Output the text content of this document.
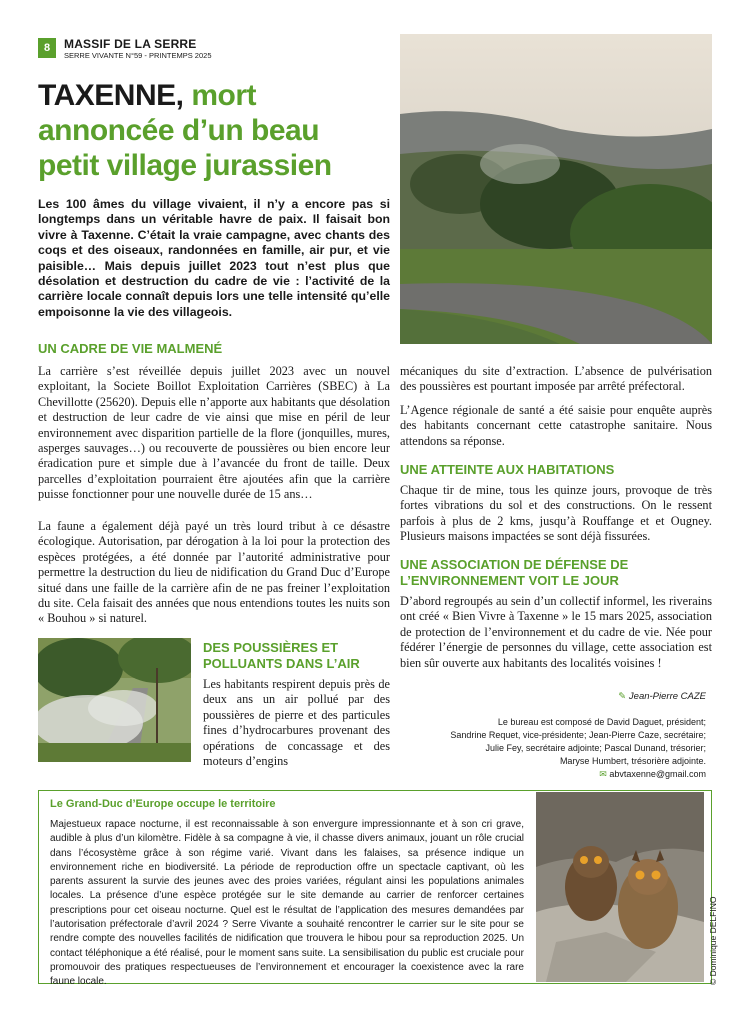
8	MASSIF DE LA SERRE
SERRE VIVANTE N°59 - PRINTEMPS 2025
TAXENNE, mort annoncée d’un beau petit village jurassien

Les 100 âmes du village vivaient, il n’y a encore pas si longtemps dans un véritable havre de paix. Il faisait bon vivre à Taxenne. C’était la vraie campagne, avec chants des coqs et des oiseaux, randonnées en famille, air pur, et vie paisible… Mais depuis juillet 2023 tout n’est plus que désolation et destruction du cadre de vie : l’activité de la carrière locale connaît depuis lors une telle intensité qu’elle empoisonne la vie des villageois.

UN CADRE DE VIE MALMENÉ

La carrière s’est réveillée depuis juillet 2023 avec un nouvel exploitant, la Societe Boillot Exploitation Carrières (SBEC) à La Chevillotte (25620). Depuis elle n’apporte aux habitants que désolation et destruction de leur cadre de vie ainsi que mise en péril de leur environnement avec disparition partielle de la flore (jonquilles, mures, asperges sauvages…) ou recouverte de poussières ou bien encore leur éradication pure et simple due à l’avancée du front de taille. Deux parcelles d’exploitation pourraient être ajoutées afin que la carrière puisse fonctionner pour une nouvelle durée de 15 ans…

La faune a également déjà payé un très lourd tribut à ce désastre écologique. Autorisation, par dérogation à la loi pour la protection des espèces protégées, a été donnée par l’autorité administrative pour permettre la destruction du lieu de nidification du Grand Duc d’Europe situé dans une faille de la carrière afin de ne pas freiner l’exploitation du site. Cela faisait des années que nous entendions toutes les nuits son « Bouhou » si naturel.

DES POUSSIÈRES ET POLLUANTS DANS L’AIR

Les habitants respirent depuis près de deux ans un air pollué par des poussières de pierre et des particules fines d’hydrocarbures provenant des opérations de concassage et des moteurs d’engins

mécaniques du site d’extraction. L’absence de pulvérisation des poussières est pourtant imposée par arrêté préfectoral.

L’Agence régionale de santé a été saisie pour enquête auprès des habitants concernant cette catastrophe sanitaire. Nous attendons sa réponse.

UNE ATTEINTE AUX HABITATIONS

Chaque tir de mine, tous les quinze jours, provoque de très fortes vibrations du sol et des constructions. On le ressent parfois à plus de 2 kms, jusqu’à Rouffange et et Ougney. Plusieurs maisons impactées se sont déjà fissurées.

UNE ASSOCIATION DE DÉFENSE DE L’ENVIRONNEMENT VOIT LE JOUR

D’abord regroupés au sein d’un collectif informel, les riverains ont créé « Bien Vivre à Taxenne » le 15 mars 2025, association de protection de l’environnement et du cadre de vie. Née pour fédérer l’énergie de personnes du village, cette association est bien sûr ouverte aux habitants des localités voisines !

✎ Jean-Pierre CAZE
Le bureau est composé de David Daguet, président;
Sandrine Requet, vice-présidente; Jean-Pierre Caze, secrétaire;
Julie Fey, secrétaire adjointe; Pascal Dunand, trésorier;
Maryse Humbert, trésorière adjointe.
✉ abvtaxenne@gmail.com
Le Grand-Duc d’Europe occupe le territoire

Majestueux rapace nocturne, il est reconnaissable à son envergure impressionnante et à son cri grave, audible à plus d’un kilomètre. Fidèle à sa compagne à vie, il chasse divers animaux, jouant un rôle crucial dans l’écosystème grâce à son régime varié. Vivant dans les falaises, sa présence indique un environnement riche en biodiversité. La période de reproduction offre un spectacle captivant, où les parents assurent la survie des jeunes avec des proies variées, régulant ainsi les populations animales locales. La présence d’une espèce protégée sur le site demande au carrier de renforcer certaines prescriptions pour cet oiseau nocturne. Quel est le résultat de l’application des mesures demandées par l’autorisation préfectorale d’avril 2024 ? Serre Vivante a souhaité rencontrer le carrier sur le site pour se rendre compte des nouvelles facilités de nidification que trouvera le hibou pour sa reproduction 2025. Un contact téléphonique a été réalisé, pour le moment sans suite. La sensibilisation du public est cruciale pour promouvoir des pratiques respectueuses de l’environnement et encourager la coexistence avec la rare faune locale.	© Dominique DELFINO
